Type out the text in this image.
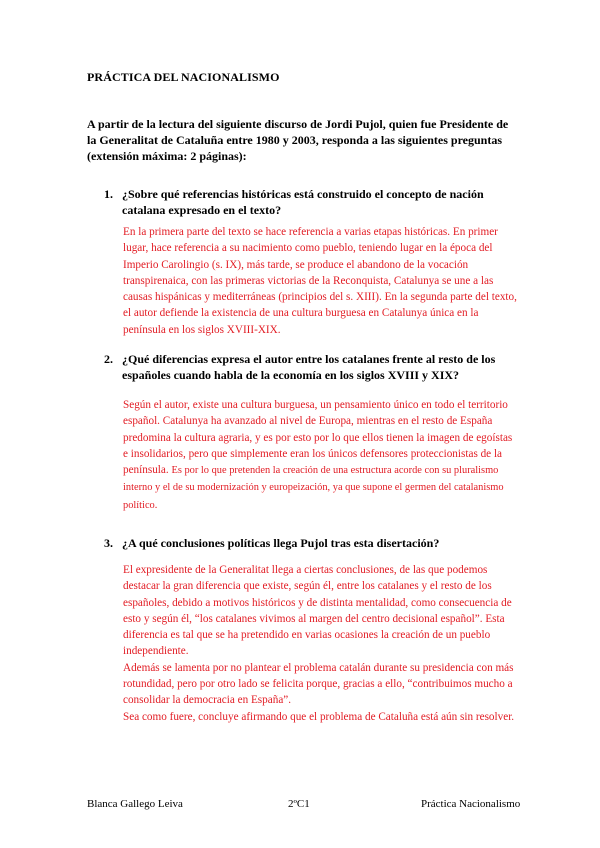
PRÁCTICA DEL NACIONALISMO
A partir de la lectura del siguiente discurso de Jordi Pujol, quien fue Presidente de la Generalitat de Cataluña entre 1980 y 2003, responda a las siguientes preguntas (extensión máxima: 2 páginas):
1. ¿Sobre qué referencias históricas está construido el concepto de nación catalana expresado en el texto?

En la primera parte del texto se hace referencia a varias etapas históricas. En primer lugar, hace referencia a su nacimiento como pueblo, teniendo lugar en la época del Imperio Carolingio (s. IX), más tarde, se produce el abandono de la vocación transpirenaica, con las primeras victorias de la Reconquista, Catalunya se une a las causas hispánicas y mediterráneas (principios del s. XIII). En la segunda parte del texto, el autor defiende la existencia de una cultura burguesa en Catalunya única en la península en los siglos XVIII-XIX.

2. ¿Qué diferencias expresa el autor entre los catalanes frente al resto de los españoles cuando habla de la economía en los siglos XVIII y XIX?

Según el autor, existe una cultura burguesa, un pensamiento único en todo el territorio español. Catalunya ha avanzado al nivel de Europa, mientras en el resto de España predomina la cultura agraria, y es por esto por lo que ellos tienen la imagen de egoístas e insolidarios, pero que simplemente eran los únicos defensores proteccionistas de la península. Es por lo que pretenden la creación de una estructura acorde con su pluralismo interno y el de su modernización y europeización, ya que supone el germen del catalanismo político.

3. ¿A qué conclusiones políticas llega Pujol tras esta disertación?

El expresidente de la Generalitat llega a ciertas conclusiones, de las que podemos destacar la gran diferencia que existe, según él, entre los catalanes y el resto de los españoles, debido a motivos históricos y de distinta mentalidad, como consecuencia de esto y según él, “los catalanes vivimos al margen del centro decisional español”. Esta diferencia es tal que se ha pretendido en varias ocasiones la creación de un pueblo independiente.

Además se lamenta por no plantear el problema catalán durante su presidencia con más rotundidad, pero por otro lado se felicita porque, gracias a ello, “contribuimos mucho a consolidar la democracia en España”.

Sea como fuere, concluye afirmando que el problema de Cataluña está aún sin resolver.

Blanca Gallego Leiva	2ºC1	Práctica Nacionalismo
